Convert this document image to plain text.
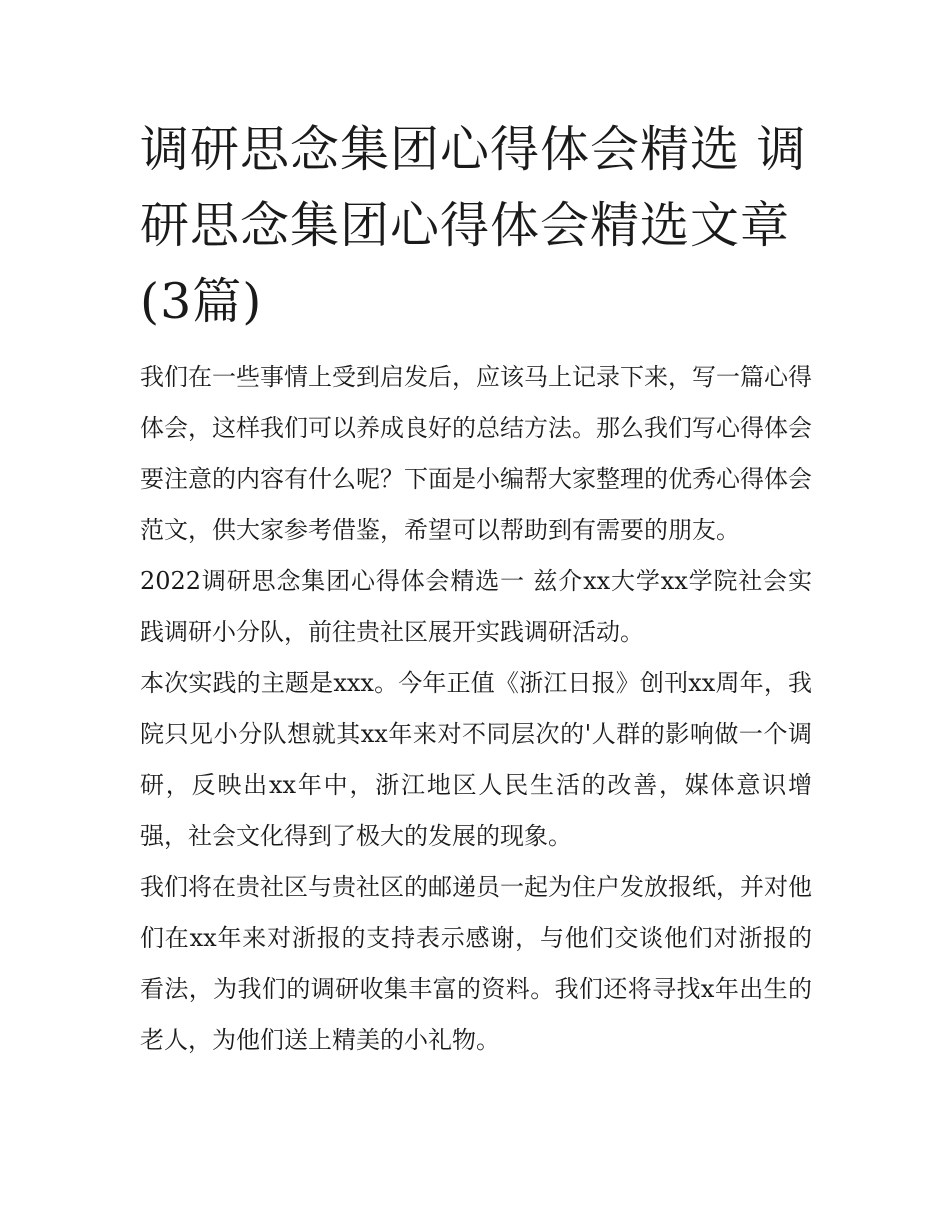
调研思念集团心得体会精选 调研思念集团心得体会精选文章(3篇)

我们在一些事情上受到启发后，应该马上记录下来，写一篇心得体会，这样我们可以养成良好的总结方法。那么我们写心得体会要注意的内容有什么呢？下面是小编帮大家整理的优秀心得体会范文，供大家参考借鉴，希望可以帮助到有需要的朋友。

2022调研思念集团心得体会精选一 兹介xx大学xx学院社会实践调研小分队，前往贵社区展开实践调研活动。

本次实践的主题是xxx。今年正值《浙江日报》创刊xx周年，我院只见小分队想就其xx年来对不同层次的'人群的影响做一个调研，反映出xx年中，浙江地区人民生活的改善，媒体意识增强，社会文化得到了极大的发展的现象。

我们将在贵社区与贵社区的邮递员一起为住户发放报纸，并对他们在xx年来对浙报的支持表示感谢，与他们交谈他们对浙报的看法，为我们的调研收集丰富的资料。我们还将寻找x年出生的老人，为他们送上精美的小礼物。
